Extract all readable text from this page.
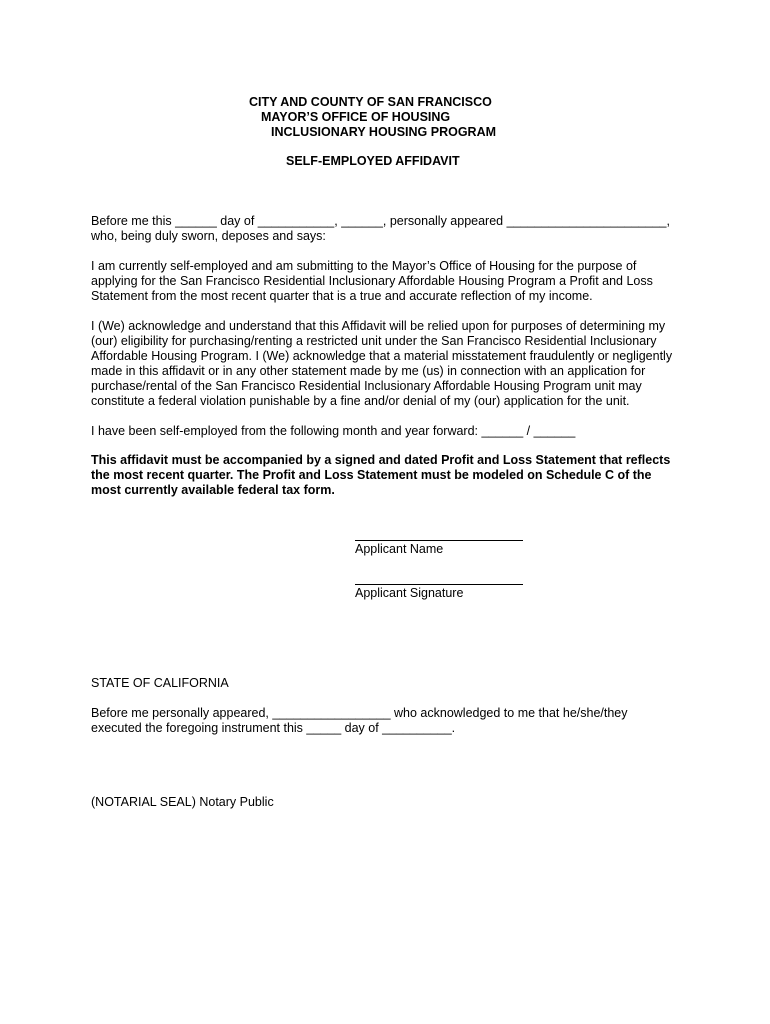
CITY AND COUNTY OF SAN FRANCISCO
MAYOR’S OFFICE OF HOUSING
INCLUSIONARY HOUSING PROGRAM
SELF-EMPLOYED AFFIDAVIT
Before me this ______ day of ___________, ______, personally appeared _______________________,
who, being duly sworn, deposes and says:
I am currently self-employed and am submitting to the Mayor’s Office of Housing for the purpose of
applying for the San Francisco Residential Inclusionary Affordable Housing Program a Profit and Loss
Statement from the most recent quarter that is a true and accurate reflection of my income.
I (We) acknowledge and understand that this Affidavit will be relied upon for purposes of determining my
(our) eligibility for purchasing/renting a restricted unit under the San Francisco Residential Inclusionary
Affordable Housing Program. I (We) acknowledge that a material misstatement fraudulently or negligently
made in this affidavit or in any other statement made by me (us) in connection with an application for
purchase/rental of the San Francisco Residential Inclusionary Affordable Housing Program unit may
constitute a federal violation punishable by a fine and/or denial of my (our) application for the unit.
I have been self-employed from the following month and year forward: ______ / ______
This affidavit must be accompanied by a signed and dated Profit and Loss Statement that reflects
the most recent quarter. The Profit and Loss Statement must be modeled on Schedule C of the
most currently available federal tax form.
Applicant Name
Applicant Signature
STATE OF CALIFORNIA
Before me personally appeared, _________________ who acknowledged to me that he/she/they
executed the foregoing instrument this _____ day of __________.
(NOTARIAL SEAL) Notary Public
